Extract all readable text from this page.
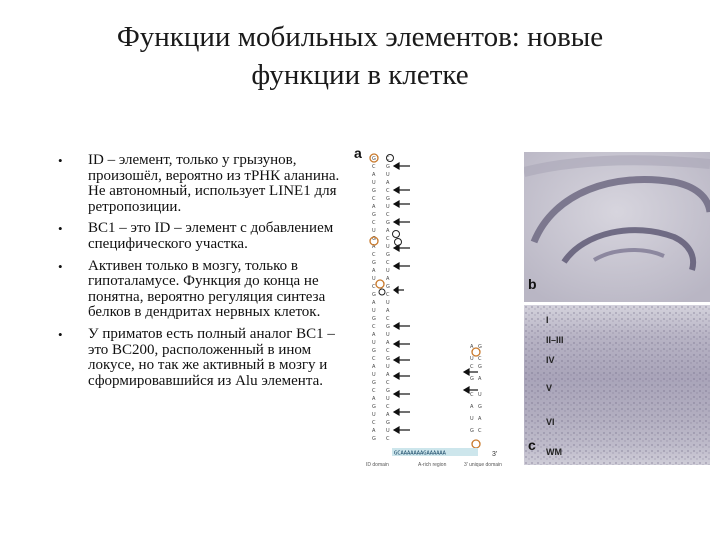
Функции мобильных элементов: новые
функции в клетке
• ID – элемент, только у грызунов, произошёл, вероятно из тРНК аланина. Не автономный, использует LINE1 для ретропозиции.
• BC1 – это ID – элемент с добавлением специфического участка.
• Активен только в мозгу, только в гипоталамусе. Функция до конца не понятна, вероятно регуляция синтеза белков в дендритах нервных клеток.
• У приматов есть полный аналог BC1 – это BC200, расположенный в ином локусе, но так же активный в мозгу и сформировавшийся из Alu элемента.
a G
C
A
U
G
C
A
G
C
U
G
A
C
G
A
U
C
G
A
U
G
C
A
U
G
C
A
U
G
C
A
G
U
C
A
G
C
G
U
A
C
G
U
C
G
A
C
U
G
C
U
A
G
C
U
A
C
G
U
A
C
G
U
A
C
G
U
C
A
G
U
C
A G
U C
C G
G A
C U
A G
U A
G C
GCAAAAAAAGAAAAAA	3'
ID domain	A-rich region	3' unique domain
b
I
II–III
IV
V
VI
WM
c
